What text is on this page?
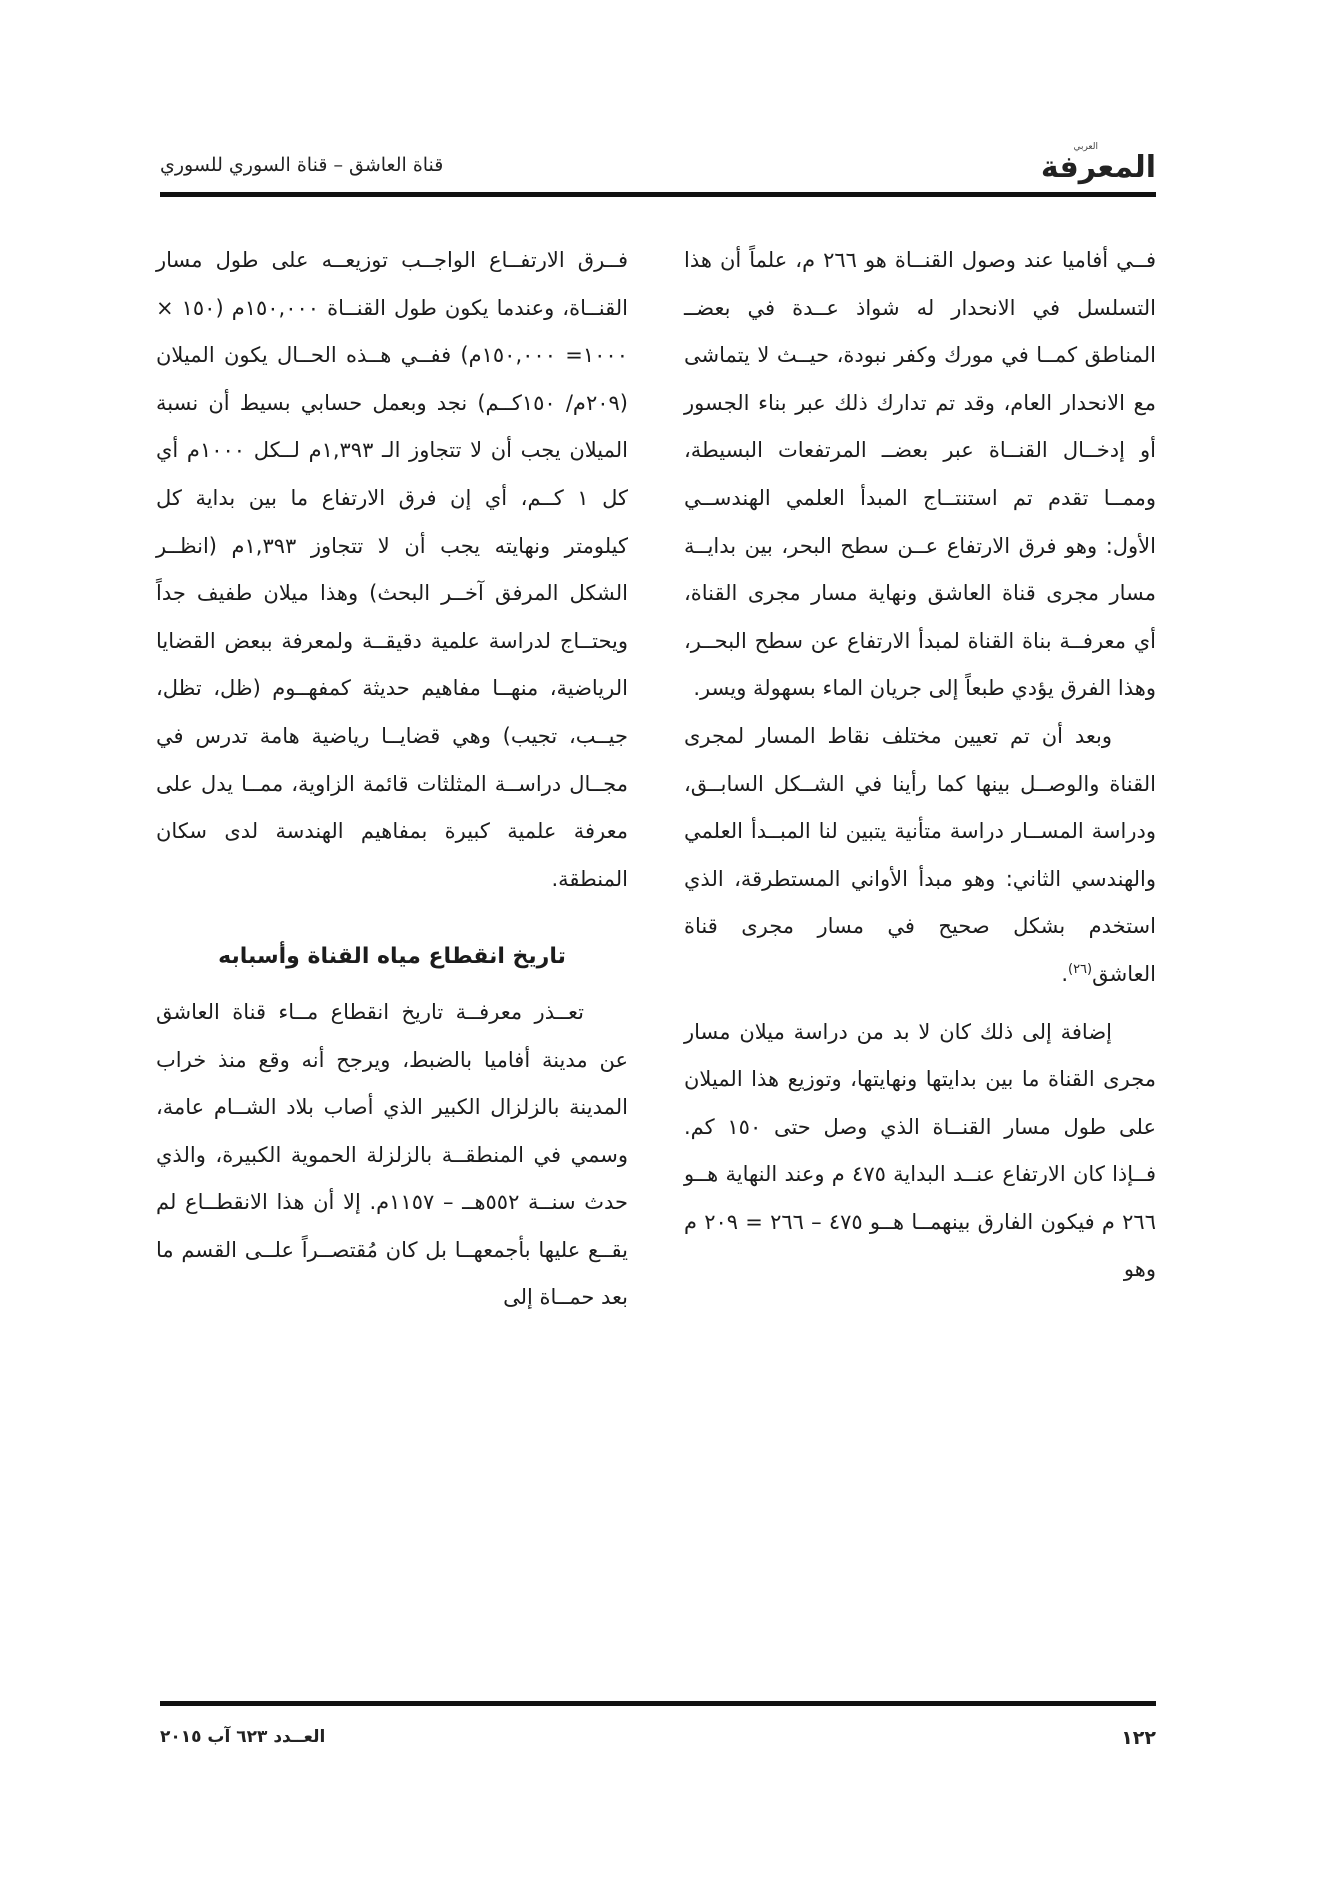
العربي
المعرفة
قناة العاشق – قناة السوري للسوري

فــي أفاميا عند وصول القنــاة هو ٢٦٦ م، علماً أن هذا التسلسل في الانحدار له شواذ عــدة في بعضــ المناطق كمــا في مورك وكفر نبودة، حيــث لا يتماشى مع الانحدار العام، وقد تم تدارك ذلك عبر بناء الجسور أو إدخــال القنــاة عبر بعضــ المرتفعات البسيطة، وممــا تقدم تم استنتــاج المبدأ العلمي الهندســي الأول: وهو فرق الارتفاع عــن سطح البحر، بين بدايــة مسار مجرى قناة العاشق ونهاية مسار مجرى القناة، أي معرفــة بناة القناة لمبدأ الارتفاع عن سطح البحــر، وهذا الفرق يؤدي طبعاً إلى جريان الماء بسهولة ويسر.

وبعد أن تم تعيين مختلف نقاط المسار لمجرى القناة والوصــل بينها كما رأينا في الشــكل السابــق، ودراسة المســار دراسة متأنية يتبين لنا المبــدأ العلمي والهندسي الثاني: وهو مبدأ الأواني المستطرقة، الذي استخدم بشكل صحيح في مسار مجرى قناة العاشق$^{(٢٦)}$.

إضافة إلى ذلك كان لا بد من دراسة ميلان مسار مجرى القناة ما بين بدايتها ونهايتها، وتوزيع هذا الميلان على طول مسار القنــاة الذي وصل حتى ١٥٠ كم. فــإذا كان الارتفاع عنــد البداية ٤٧٥ م وعند النهاية هــو ٢٦٦ م فيكون الفارق بينهمــا هــو ٤٧٥ – ٢٦٦ = ٢٠٩ م وهو

فــرق الارتفــاع الواجــب توزيعــه على طول مسار القنــاة، وعندما يكون طول القنــاة ١٥٠,٠٠٠م (١٥٠ × ١٠٠٠= ١٥٠,٠٠٠م) ففــي هــذه الحــال يكون الميلان (٢٠٩م/ ١٥٠كــم) نجد وبعمل حسابي بسيط أن نسبة الميلان يجب أن لا تتجاوز الـ ١,٣٩٣م لــكل ١٠٠٠م أي كل ١ كــم، أي إن فرق الارتفاع ما بين بداية كل كيلومتر ونهايته يجب أن لا تتجاوز ١,٣٩٣م (انظــر الشكل المرفق آخــر البحث) وهذا ميلان طفيف جداً ويحتــاج لدراسة علمية دقيقــة ولمعرفة ببعض القضايا الرياضية، منهــا مفاهيم حديثة كمفهــوم (ظل، تظل، جيــب، تجيب) وهي قضايــا رياضية هامة تدرس في مجــال دراســة المثلثات قائمة الزاوية، ممــا يدل على معرفة علمية كبيرة بمفاهيم الهندسة لدى سكان المنطقة.

تاريخ انقطاع مياه القناة وأسبابه

تعــذر معرفــة تاريخ انقطاع مــاء قناة العاشق عن مدينة أفاميا بالضبط، ويرجح أنه وقع منذ خراب المدينة بالزلزال الكبير الذي أصاب بلاد الشــام عامة، وسمي في المنطقــة بالزلزلة الحموية الكبيرة، والذي حدث سنــة ٥٥٢هــ – ١١٥٧م. إلا أن هذا الانقطــاع لم يقــع عليها بأجمعهــا بل كان مُقتصــراً علــى القسم ما بعد حمــاة إلى

١٢٢
العــدد ٦٢٣ آب ٢٠١٥
